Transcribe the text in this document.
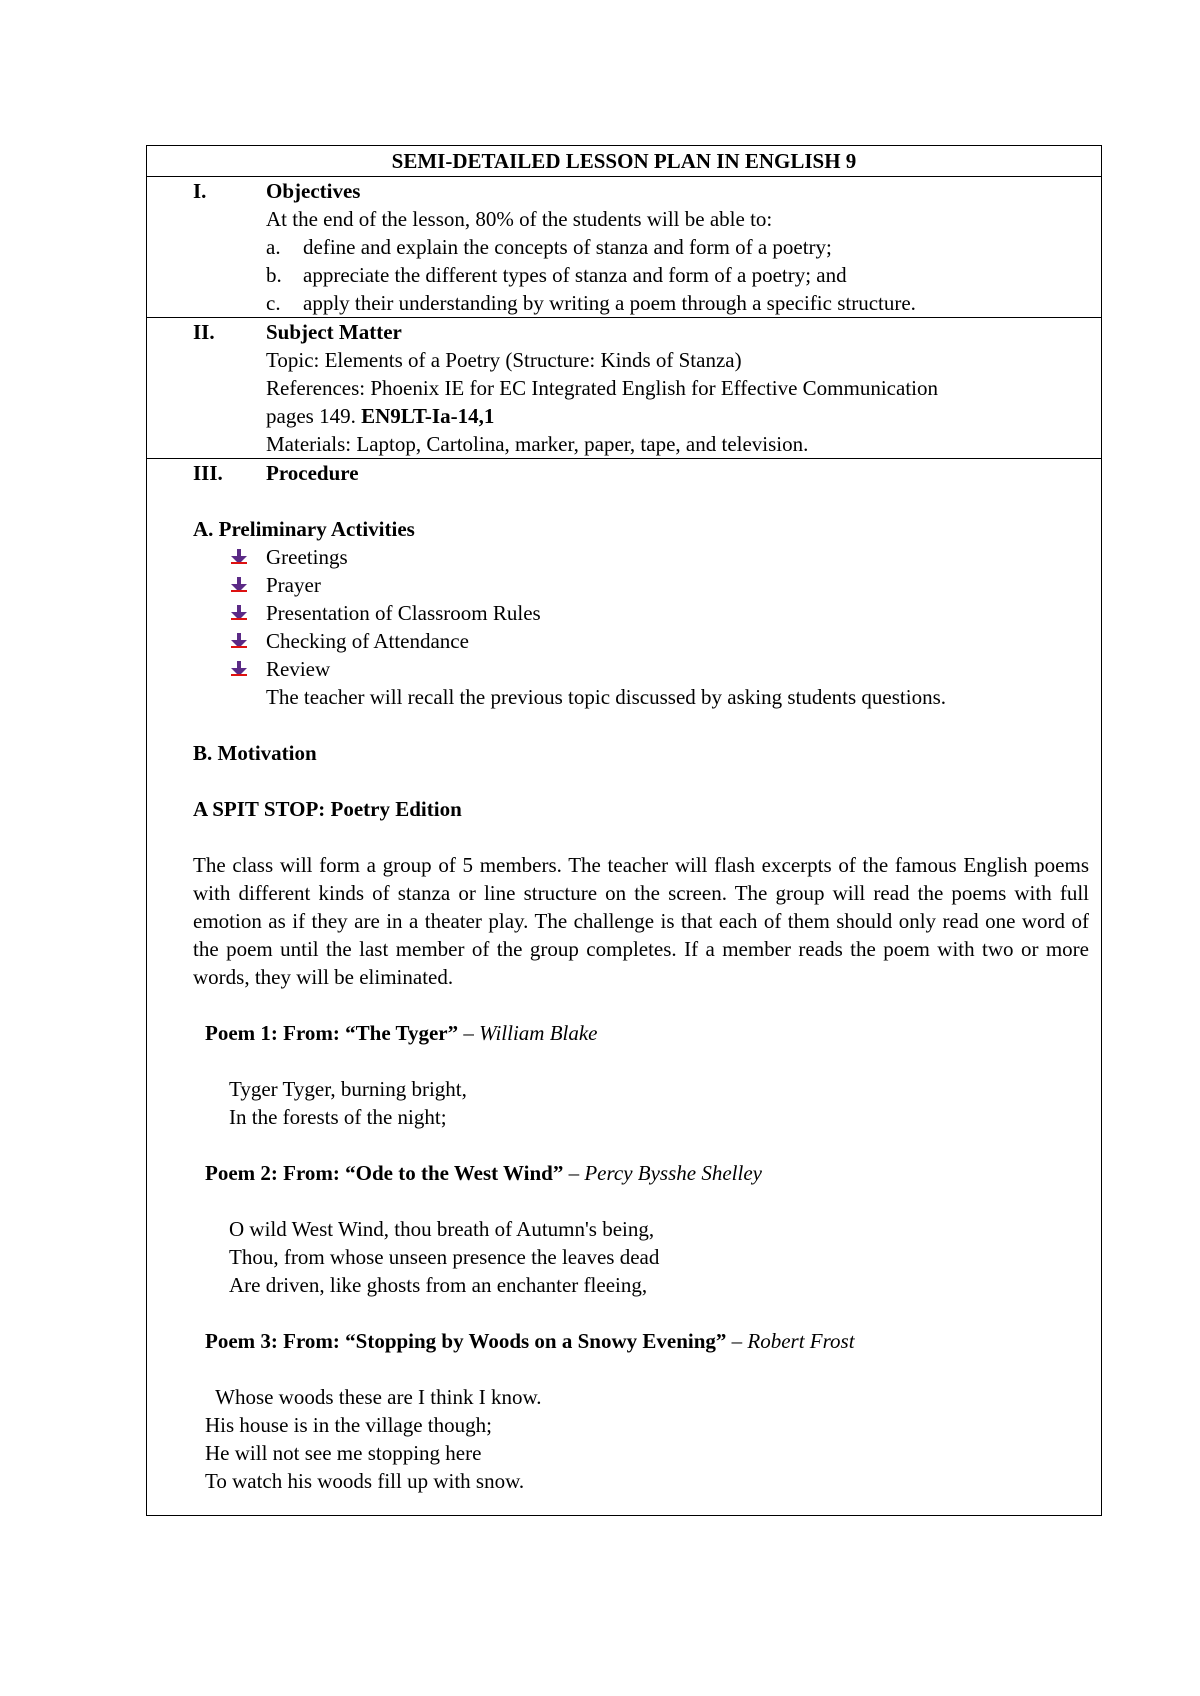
SEMI-DETAILED LESSON PLAN IN ENGLISH 9
I.	Objectives
At the end of the lesson, 80% of the students will be able to:
a.	define and explain the concepts of stanza and form of a poetry;
b.	appreciate the different types of stanza and form of a poetry; and
c.	apply their understanding by writing a poem through a specific structure.
II.	Subject Matter
Topic: Elements of a Poetry (Structure: Kinds of Stanza)
References: Phoenix IE for EC Integrated English for Effective Communication
pages 149. EN9LT-Ia-14,1
Materials: Laptop, Cartolina, marker, paper, tape, and television.
III.	Procedure
A. Preliminary Activities
Greetings
Prayer
Presentation of Classroom Rules
Checking of Attendance
Review
The teacher will recall the previous topic discussed by asking students questions.
B. Motivation
A SPIT STOP: Poetry Edition
The class will form a group of 5 members. The teacher will flash excerpts of the famous English poems with different kinds of stanza or line structure on the screen. The group will read the poems with full emotion as if they are in a theater play. The challenge is that each of them should only read one word of the poem until the last member of the group completes. If a member reads the poem with two or more words, they will be eliminated.
Poem 1: From: “The Tyger” – William Blake
Tyger Tyger, burning bright,
In the forests of the night;
Poem 2: From: “Ode to the West Wind” – Percy Bysshe Shelley
O wild West Wind, thou breath of Autumn's being,
Thou, from whose unseen presence the leaves dead
Are driven, like ghosts from an enchanter fleeing,
Poem 3: From: “Stopping by Woods on a Snowy Evening” – Robert Frost
Whose woods these are I think I know.
His house is in the village though;
He will not see me stopping here
To watch his woods fill up with snow.
